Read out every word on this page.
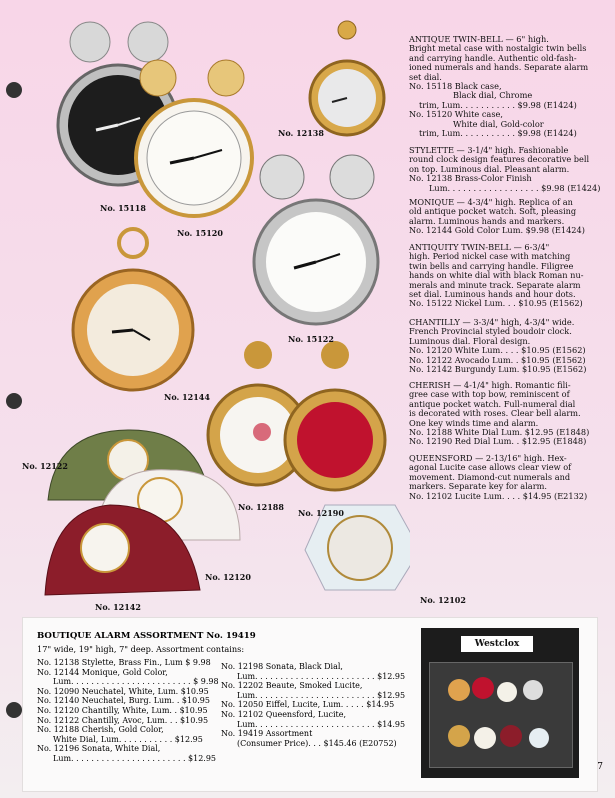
No. 15118
No. 15120
No. 12138
No. 15122
No. 12144
No. 12188
No. 12190
No. 12122
No. 12120
No. 12142
No. 12102

ANTIQUE TWIN-BELL — 6" high.

Bright metal case with nostalgic twin bells

and carrying handle. Authentic old-fash-

ioned numerals and hands. Separate alarm

set dial.

No. 15118 Black case,

Black dial, Chrome

trim, Lum. . . . . . . . . . . $9.98 (E1424)

No. 15120 White case,

White dial, Gold-color

trim, Lum. . . . . . . . . . . $9.98 (E1424)

STYLETTE — 3-1/4" high. Fashionable

round clock design features decorative bell

on top. Luminous dial. Pleasant alarm.

No. 12138 Brass-Color Finish

Lum. . . . . . . . . . . . . . . . . . $9.98 (E1424)

MONIQUE — 4-3/4" high. Replica of an

old antique pocket watch. Soft, pleasing

alarm. Luminous hands and markers.

No. 12144 Gold Color Lum. $9.98 (E1424)

ANTIQUITY TWIN-BELL — 6-3/4"

high. Period nickel case with matching

twin bells and carrying handle. Filigree

hands on white dial with black Roman nu-

merals and minute track. Separate alarm

set dial. Luminous hands and hour dots.

No. 15122 Nickel Lum. . . $10.95 (E1562)

CHANTILLY — 3-3/4" high, 4-3/4" wide.

French Provincial styled boudoir clock.

Luminous dial. Floral design.

No. 12120 White Lum. . . . $10.95 (E1562)

No. 12122 Avocado Lum. . $10.95 (E1562)

No. 12142 Burgundy Lum. $10.95 (E1562)

CHERISH — 4-1/4" high. Romantic fili-

gree case with top bow, reminiscent of

antique pocket watch. Full-numeral dial

is decorated with roses. Clear bell alarm.

One key winds time and alarm.

No. 12188 White Dial Lum. $12.95 (E1848)

No. 12190 Red Dial Lum. . $12.95 (E1848)

QUEENSFORD — 2-13/16" high. Hex-

agonal Lucite case allows clear view of

movement. Diamond-cut numerals and

markers. Separate key for alarm.

No. 12102 Lucite Lum. . . . $14.95 (E2132)

BOUTIQUE ALARM ASSORTMENT No. 19419
17" wide, 19" high, 7" deep. Assortment contains:
No. 12138 Stylette, Brass Fin., Lum $ 9.98
No. 12144 Monique, Gold Color,
Lum. . . . . . . . . . . . . . . . . . . . . . . . $ 9.98
No. 12090 Neuchatel, White, Lum. $10.95
No. 12140 Neuchatel, Burg. Lum. . $10.95
No. 12120 Chantilly, White, Lum. . $10.95
No. 12122 Chantilly, Avoc, Lum. . . $10.95
No. 12188 Cherish, Gold Color,
White Dial, Lum. . . . . . . . . . . $12.95
No. 12196 Sonata, White Dial,
Lum. . . . . . . . . . . . . . . . . . . . . . . $12.95
No. 12198 Sonata, Black Dial,
Lum. . . . . . . . . . . . . . . . . . . . . . . . $12.95
No. 12202 Beaute, Smoked Lucite,
Lum. . . . . . . . . . . . . . . . . . . . . . . . $12.95
No. 12050 Eiffel, Lucite, Lum. . . . . $14.95
No. 12102 Queensford, Lucite,
Lum. . . . . . . . . . . . . . . . . . . . . . . . $14.95
No. 19419 Assortment
(Consumer Price). . . $145.46 (E20752)
Westclox
7
